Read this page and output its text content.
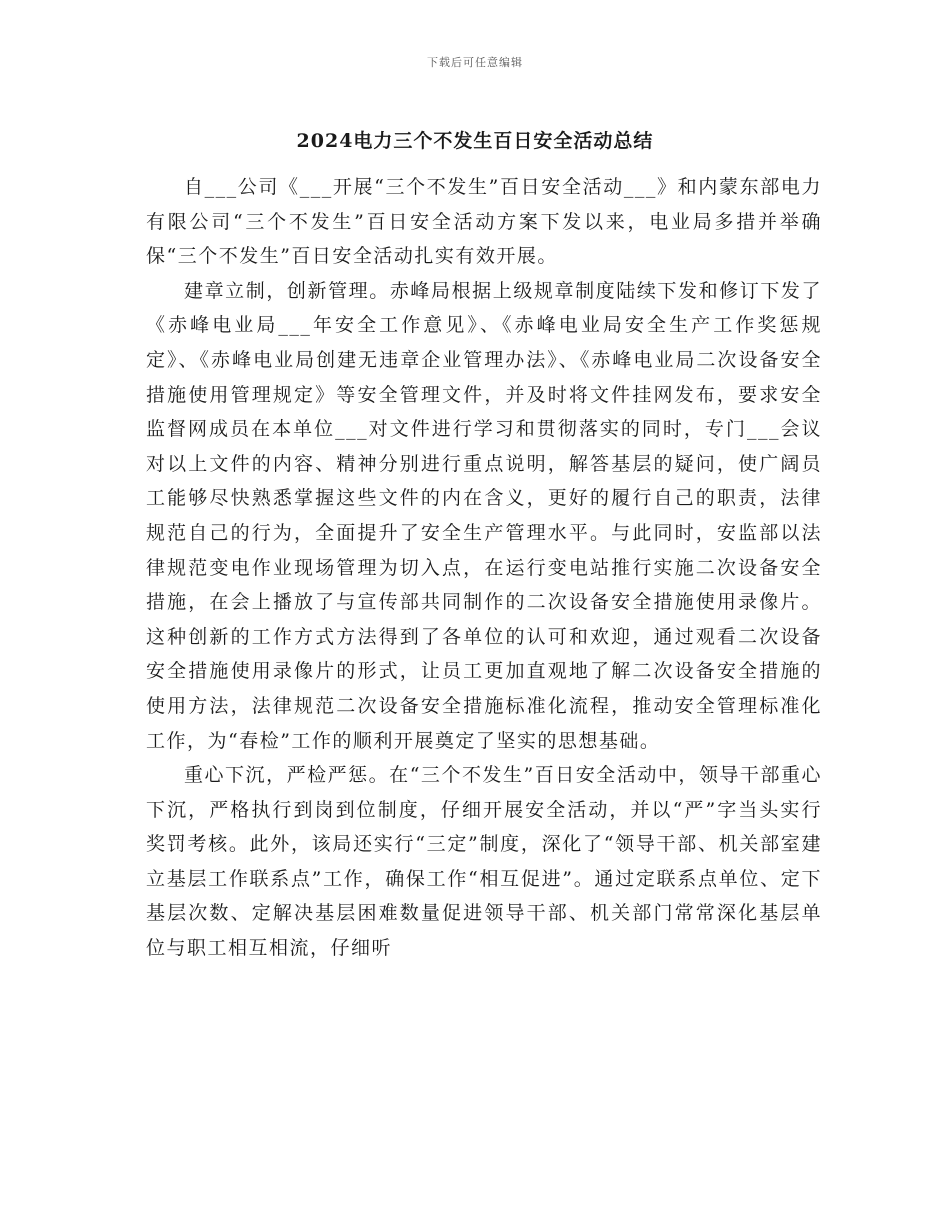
下载后可任意编辑
2024电力三个不发生百日安全活动总结

自___公司《___开展“三个不发生”百日安全活动___》和内蒙东部电力有限公司“三个不发生”百日安全活动方案下发以来，电业局多措并举确保“三个不发生”百日安全活动扎实有效开展。

建章立制，创新管理。赤峰局根据上级规章制度陆续下发和修订下发了《赤峰电业局___年安全工作意见》、《赤峰电业局安全生产工作奖惩规定》、《赤峰电业局创建无违章企业管理办法》、《赤峰电业局二次设备安全措施使用管理规定》等安全管理文件，并及时将文件挂网发布，要求安全监督网成员在本单位___对文件进行学习和贯彻落实的同时，专门___会议对以上文件的内容、精神分别进行重点说明，解答基层的疑问，使广阔员工能够尽快熟悉掌握这些文件的内在含义，更好的履行自己的职责，法律规范自己的行为，全面提升了安全生产管理水平。与此同时，安监部以法律规范变电作业现场管理为切入点，在运行变电站推行实施二次设备安全措施，在会上播放了与宣传部共同制作的二次设备安全措施使用录像片。这种创新的工作方式方法得到了各单位的认可和欢迎，通过观看二次设备安全措施使用录像片的形式，让员工更加直观地了解二次设备安全措施的使用方法，法律规范二次设备安全措施标准化流程，推动安全管理标准化工作，为“春检”工作的顺利开展奠定了坚实的思想基础。

重心下沉，严检严惩。在“三个不发生”百日安全活动中，领导干部重心下沉，严格执行到岗到位制度，仔细开展安全活动，并以“严”字当头实行奖罚考核。此外，该局还实行“三定”制度，深化了“领导干部、机关部室建立基层工作联系点”工作，确保工作“相互促进”。通过定联系点单位、定下基层次数、定解决基层困难数量促进领导干部、机关部门常常深化基层单位与职工相互相流，仔细听
